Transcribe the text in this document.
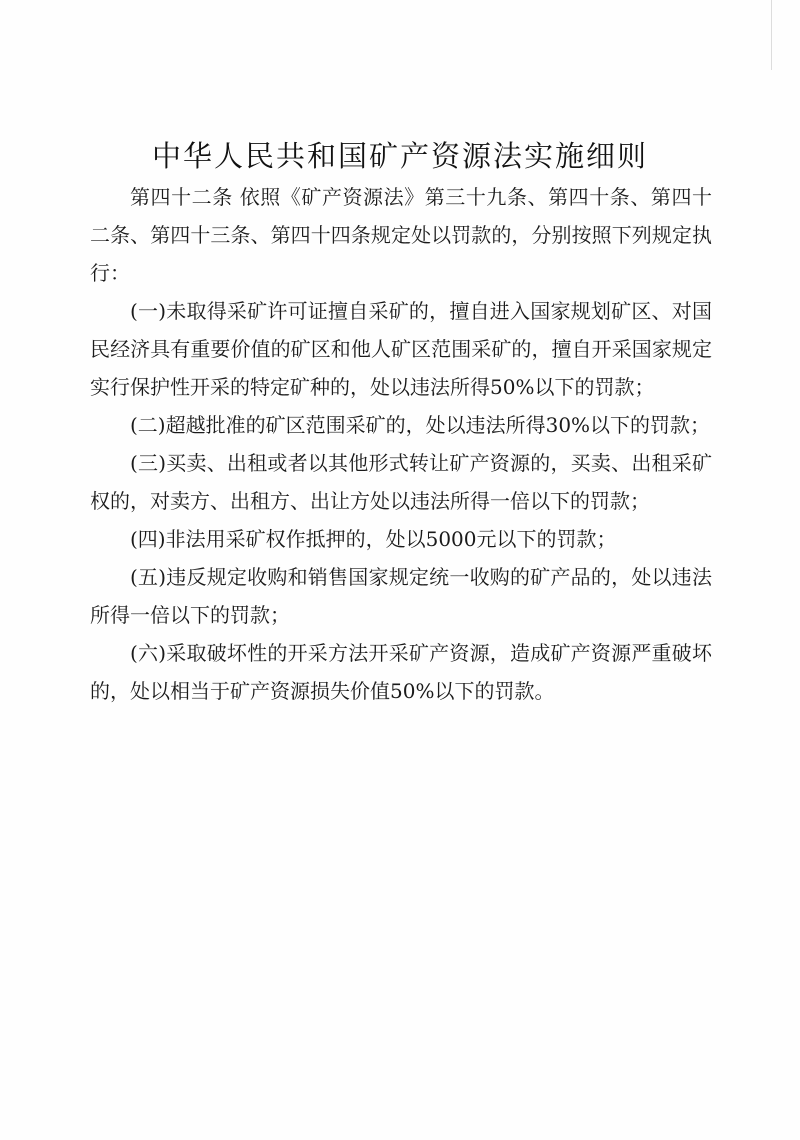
中华人民共和国矿产资源法实施细则

第四十二条 依照《矿产资源法》第三十九条、第四十条、第四十二条、第四十三条、第四十四条规定处以罚款的，分别按照下列规定执行：

(一)未取得采矿许可证擅自采矿的，擅自进入国家规划矿区、对国民经济具有重要价值的矿区和他人矿区范围采矿的，擅自开采国家规定实行保护性开采的特定矿种的，处以违法所得50%以下的罚款；

(二)超越批准的矿区范围采矿的，处以违法所得30%以下的罚款；

(三)买卖、出租或者以其他形式转让矿产资源的，买卖、出租采矿权的，对卖方、出租方、出让方处以违法所得一倍以下的罚款；

(四)非法用采矿权作抵押的，处以5000元以下的罚款；

(五)违反规定收购和销售国家规定统一收购的矿产品的，处以违法所得一倍以下的罚款；

(六)采取破坏性的开采方法开采矿产资源，造成矿产资源严重破坏的，处以相当于矿产资源损失价值50%以下的罚款。
